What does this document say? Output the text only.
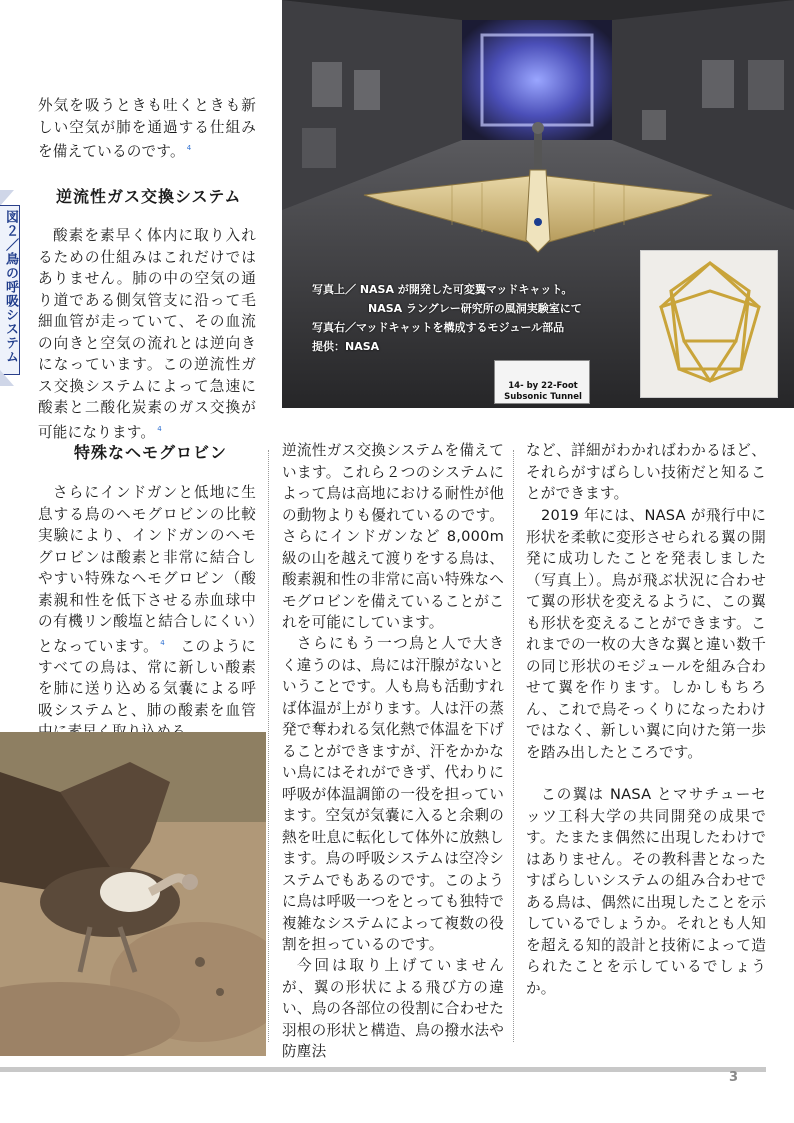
図２／鳥の呼吸システム
外気を吸うときも吐くときも新しい空気が肺を通過する仕組みを備えているのです。 $^4$
逆流性ガス交換システム
酸素を素早く体内に取り入れるための仕組みはこれだけではありません。肺の中の空気の通り道である側気管支に沿って毛細血管が走っていて、その血流の向きと空気の流れとは逆向きになっています。この逆流性ガス交換システムによって急速に酸素と二酸化炭素のガス交換が可能になります。 $^4$
特殊なヘモグロビン
さらにインドガンと低地に生息する鳥のヘモグロビンの比較実験により、インドガンのヘモグロビンは酸素と非常に結合しやすい特殊なヘモグロビン（酸素親和性を低下させる赤血球中の有機リン酸塩と結合しにくい）となっています。 $^4$　 このようにすべての鳥は、常に新しい酸素を肺に送り込める気嚢による呼吸システムと、肺の酸素を血管
逆流性ガス交換システムを備えています。これら２つのシステムによって鳥は高地における耐性が他の動物よりも優れているのです。さらにインドガンなど 8,000m 級の山を越えて渡りをする鳥は、酸素親和性の非常に高い特殊なヘモグロビンを備えていることがこれを可能にしています。
さらにもう一つ鳥と人で大きく違うのは、鳥には汗腺がないということです。人も鳥も活動すれば体温が上がります。人は汗の蒸発で奪われる気化熱で体温を下げることができますが、汗をかかない鳥にはそれができず、代わりに呼吸が体温調節の一役を担っています。空気が気嚢に入ると余剰の熱を吐息に転化して体外に放熱します。鳥の呼吸システムは空冷システムでもあるのです。このように鳥は呼吸一つをとっても独特で複雑なシステムによって複数の役割を担っているのです。
今回は取り上げていませんが、翼の形状による飛び方の違い、鳥の各部位の役割に合わせた羽根の形状と構造、鳥の撥水法や防塵法
など、詳細がわかればわかるほど、それらがすばらしい技術だと知ることができます。
2019 年には、NASA が飛行中に形状を柔軟に変形させられる翼の開発に成功したことを発表しました（写真上）。鳥が飛ぶ状況に合わせて翼の形状を変えるように、この翼も形状を変えることができます。これまでの一枚の大きな翼と違い数千の同じ形状のモジュールを組み合わせて翼を作ります。しかしもちろん、これで鳥そっくりになったわけではなく、新しい翼に向けた第一歩を踏み出したところです。
この翼は NASA とマサチューセッツ工科大学の共同開発の成果です。たまたま偶然に出現したわけではありません。その教科書となったすばらしいシステムの組み合わせである鳥は、偶然に出現したことを示しているでしょうか。それとも人知を超える知的設計と技術によって造られたことを示しているでしょうか。
写真上／ NASA が開発した可変翼マッドキャット。
NASA ラングレー研究所の風洞実験室にて
写真右／マッドキャットを構成するモジュール部品
提供：NASA
14- by 22-Foot
Subsonic Tunnel
3
